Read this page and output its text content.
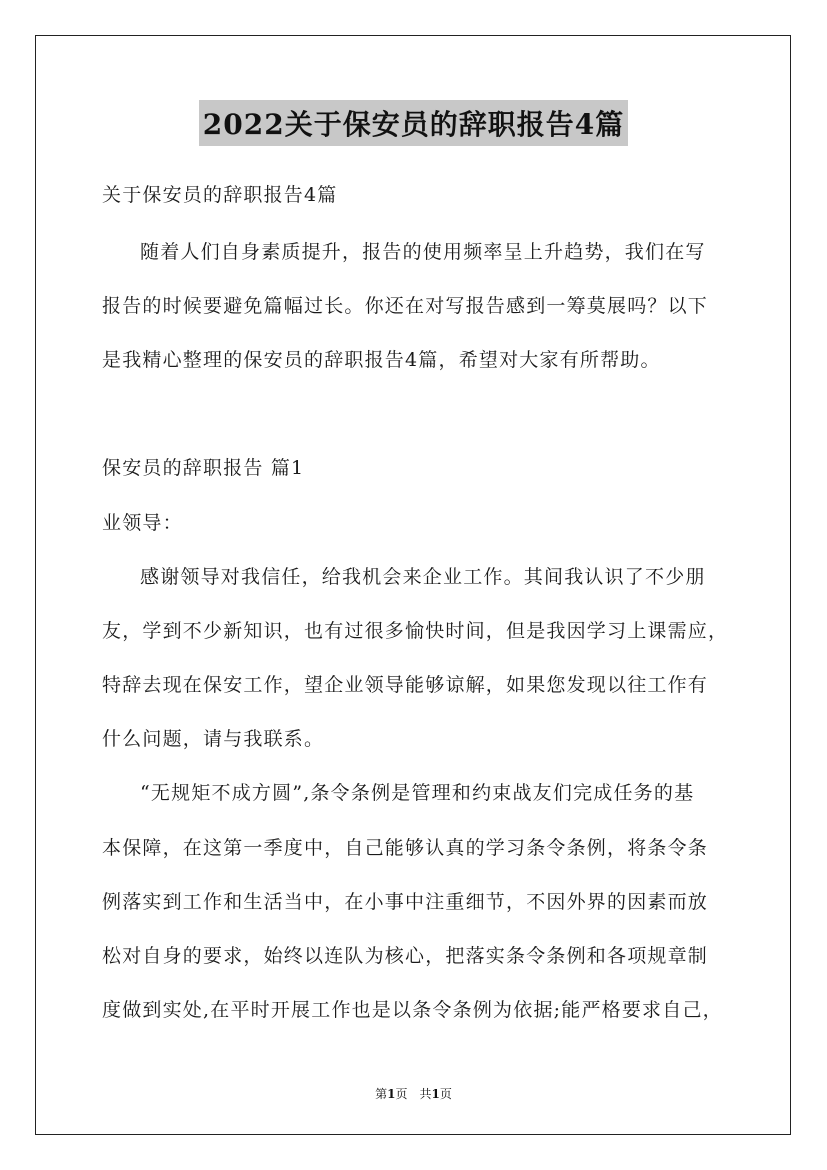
2022关于保安员的辞职报告4篇
关于保安员的辞职报告4篇
随着人们自身素质提升，报告的使用频率呈上升趋势，我们在写
报告的时候要避免篇幅过长。你还在对写报告感到一筹莫展吗？以下
是我精心整理的保安员的辞职报告4篇，希望对大家有所帮助。
保安员的辞职报告 篇1
业领导：
感谢领导对我信任，给我机会来企业工作。其间我认识了不少朋
友，学到不少新知识，也有过很多愉快时间，但是我因学习上课需应，
特辞去现在保安工作，望企业领导能够谅解，如果您发现以往工作有
什么问题，请与我联系。
“无规矩不成方圆”,条令条例是管理和约束战友们完成任务的基
本保障，在这第一季度中，自己能够认真的学习条令条例，将条令条
例落实到工作和生活当中，在小事中注重细节，不因外界的因素而放
松对自身的要求，始终以连队为核心，把落实条令条例和各项规章制
度做到实处,在平时开展工作也是以条令条例为依据;能严格要求自己，
第1页　共1页
